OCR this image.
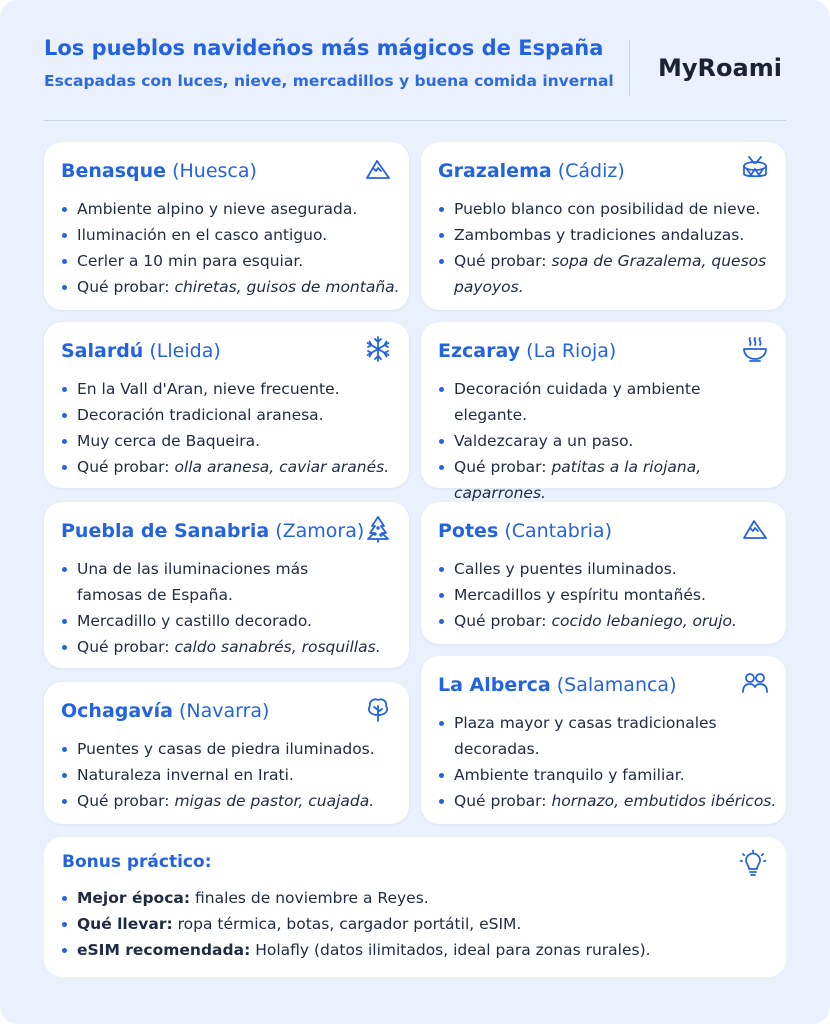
Los pueblos navideños más mágicos de España
Escapadas con luces, nieve, mercadillos y buena comida invernal MyRoami
Benasque (Huesca)
Ambiente alpino y nieve asegurada.
Iluminación en el casco antiguo.
Cerler a 10 min para esquiar.
Qué probar: chiretas, guisos de montaña.
Grazalema (Cádiz)
Pueblo blanco con posibilidad de nieve.
Zambombas y tradiciones andaluzas.
Qué probar: sopa de Grazalema, quesos payoyos.
Salardú (Lleida)
En la Vall d'Aran, nieve frecuente.
Decoración tradicional aranesa.
Muy cerca de Baqueira.
Qué probar: olla aranesa, caviar aranés.
Ezcaray (La Rioja)
Decoración cuidada y ambiente elegante.
Valdezcaray a un paso.
Qué probar: patitas a la riojana, caparrones.
Puebla de Sanabria (Zamora)
Una de las iluminaciones más famosas de España.
Mercadillo y castillo decorado.
Qué probar: caldo sanabrés, rosquillas.
Potes (Cantabria)
Calles y puentes iluminados.
Mercadillos y espíritu montañés.
Qué probar: cocido lebaniego, orujo.
Ochagavía (Navarra)
Puentes y casas de piedra iluminados.
Naturaleza invernal en Irati.
Qué probar: migas de pastor, cuajada.
La Alberca (Salamanca)
Plaza mayor y casas tradicionales decoradas.
Ambiente tranquilo y familiar.
Qué probar: hornazo, embutidos ibéricos.
Bonus práctico:
Mejor época: finales de noviembre a Reyes.
Qué llevar: ropa térmica, botas, cargador portátil, eSIM.
eSIM recomendada: Holafly (datos ilimitados, ideal para zonas rurales).
